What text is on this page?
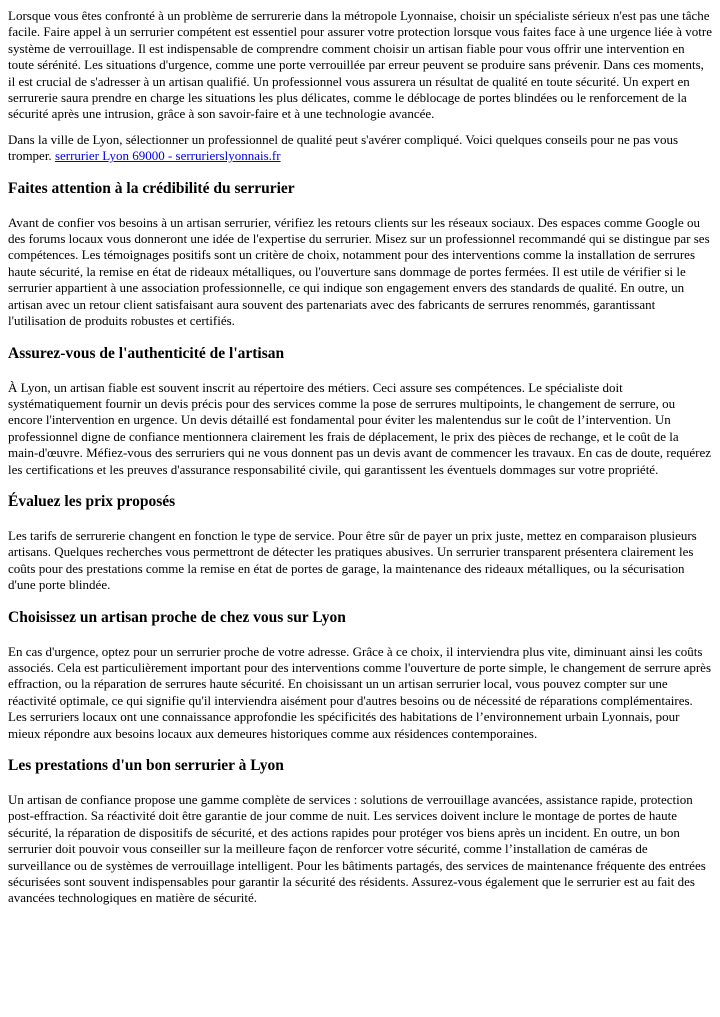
Lorsque vous êtes confronté à un problème de serrurerie dans la métropole Lyonnaise, choisir un spécialiste sérieux n'est pas une tâche facile. Faire appel à un serrurier compétent est essentiel pour assurer votre protection lorsque vous faites face à une urgence liée à votre système de verrouillage. Il est indispensable de comprendre comment choisir un artisan fiable pour vous offrir une intervention en toute sérénité. Les situations d'urgence, comme une porte verrouillée par erreur peuvent se produire sans prévenir. Dans ces moments, il est crucial de s'adresser à un artisan qualifié. Un professionnel vous assurera un résultat de qualité en toute sécurité. Un expert en serrurerie saura prendre en charge les situations les plus délicates, comme le déblocage de portes blindées ou le renforcement de la sécurité après une intrusion, grâce à son savoir-faire et à une technologie avancée.

Dans la ville de Lyon, sélectionner un professionnel de qualité peut s'avérer compliqué. Voici quelques conseils pour ne pas vous tromper. serrurier Lyon 69000 - serrurierslyonnais.fr

Faites attention à la crédibilité du serrurier

Avant de confier vos besoins à un artisan serrurier, vérifiez les retours clients sur les réseaux sociaux. Des espaces comme Google ou des forums locaux vous donneront une idée de l'expertise du serrurier. Misez sur un professionnel recommandé qui se distingue par ses compétences. Les témoignages positifs sont un critère de choix, notamment pour des interventions comme la installation de serrures haute sécurité, la remise en état de rideaux métalliques, ou l'ouverture sans dommage de portes fermées. Il est utile de vérifier si le serrurier appartient à une association professionnelle, ce qui indique son engagement envers des standards de qualité. En outre, un artisan avec un retour client satisfaisant aura souvent des partenariats avec des fabricants de serrures renommés, garantissant l'utilisation de produits robustes et certifiés.

Assurez-vous de l'authenticité de l'artisan

À Lyon, un artisan fiable est souvent inscrit au répertoire des métiers. Ceci assure ses compétences. Le spécialiste doit systématiquement fournir un devis précis pour des services comme la pose de serrures multipoints, le changement de serrure, ou encore l'intervention en urgence. Un devis détaillé est fondamental pour éviter les malentendus sur le coût de l’intervention. Un professionnel digne de confiance mentionnera clairement les frais de déplacement, le prix des pièces de rechange, et le coût de la main-d'œuvre. Méfiez-vous des serruriers qui ne vous donnent pas un devis avant de commencer les travaux. En cas de doute, requérez les certifications et les preuves d'assurance responsabilité civile, qui garantissent les éventuels dommages sur votre propriété.

Évaluez les prix proposés

Les tarifs de serrurerie changent en fonction le type de service. Pour être sûr de payer un prix juste, mettez en comparaison plusieurs artisans. Quelques recherches vous permettront de détecter les pratiques abusives. Un serrurier transparent présentera clairement les coûts pour des prestations comme la remise en état de portes de garage, la maintenance des rideaux métalliques, ou la sécurisation d'une porte blindée.

Choisissez un artisan proche de chez vous sur Lyon

En cas d'urgence, optez pour un serrurier proche de votre adresse. Grâce à ce choix, il interviendra plus vite, diminuant ainsi les coûts associés. Cela est particulièrement important pour des interventions comme l'ouverture de porte simple, le changement de serrure après effraction, ou la réparation de serrures haute sécurité. En choisissant un un artisan serrurier local, vous pouvez compter sur une réactivité optimale, ce qui signifie qu'il interviendra aisément pour d'autres besoins ou de nécessité de réparations complémentaires. Les serruriers locaux ont une connaissance approfondie les spécificités des habitations de l’environnement urbain Lyonnais, pour mieux répondre aux besoins locaux aux demeures historiques comme aux résidences contemporaines.

Les prestations d'un bon serrurier à Lyon

Un artisan de confiance propose une gamme complète de services : solutions de verrouillage avancées, assistance rapide, protection post-effraction. Sa réactivité doit être garantie de jour comme de nuit. Les services doivent inclure le montage de portes de haute sécurité, la réparation de dispositifs de sécurité, et des actions rapides pour protéger vos biens après un incident. En outre, un bon serrurier doit pouvoir vous conseiller sur la meilleure façon de renforcer votre sécurité, comme l’installation de caméras de surveillance ou de systèmes de verrouillage intelligent. Pour les bâtiments partagés, des services de maintenance fréquente des entrées sécurisées sont souvent indispensables pour garantir la sécurité des résidents. Assurez-vous également que le serrurier est au fait des avancées technologiques en matière de sécurité.
